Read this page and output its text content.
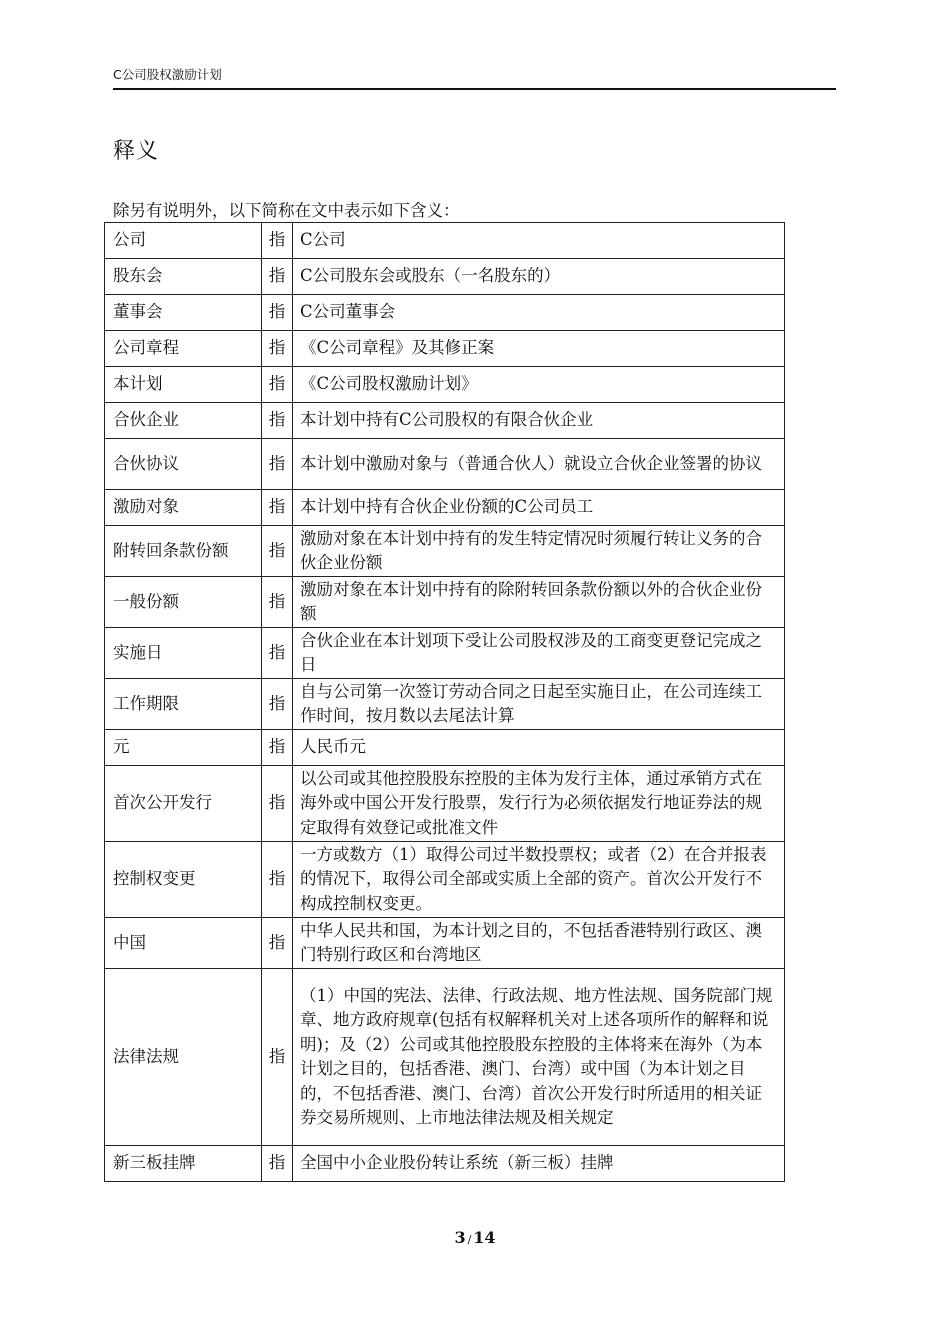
C公司股权激励计划
释义
除另有说明外，以下简称在文中表示如下含义：
公司	指	C公司
股东会	指	C公司股东会或股东（一名股东的）
董事会	指	C公司董事会
公司章程	指	《C公司章程》及其修正案
本计划	指	《C公司股权激励计划》
合伙企业	指	本计划中持有C公司股权的有限合伙企业
合伙协议	指	本计划中激励对象与（普通合伙人）就设立合伙企业签署的协议
激励对象	指	本计划中持有合伙企业份额的C公司员工
附转回条款份额	指	激励对象在本计划中持有的发生特定情况时须履行转让义务的合伙企业份额
一般份额	指	激励对象在本计划中持有的除附转回条款份额以外的合伙企业份额
实施日	指	合伙企业在本计划项下受让公司股权涉及的工商变更登记完成之日
工作期限	指	自与公司第一次签订劳动合同之日起至实施日止，在公司连续工作时间，按月数以去尾法计算
元	指	人民币元
首次公开发行	指	以公司或其他控股股东控股的主体为发行主体，通过承销方式在海外或中国公开发行股票，发行行为必须依据发行地证券法的规定取得有效登记或批准文件
控制权变更	指	一方或数方（1）取得公司过半数投票权；或者（2）在合并报表的情况下，取得公司全部或实质上全部的资产。首次公开发行不构成控制权变更。
中国	指	中华人民共和国，为本计划之目的，不包括香港特别行政区、澳门特别行政区和台湾地区
法律法规	指	（1）中国的宪法、法律、行政法规、地方性法规、国务院部门规章、地方政府规章(包括有权解释机关对上述各项所作的解释和说明)；及（2）公司或其他控股股东控股的主体将来在海外（为本计划之目的，包括香港、澳门、台湾）或中国（为本计划之目的，不包括香港、澳门、台湾）首次公开发行时所适用的相关证券交易所规则、上市地法律法规及相关规定
新三板挂牌	指	全国中小企业股份转让系统（新三板）挂牌
3 / 14
